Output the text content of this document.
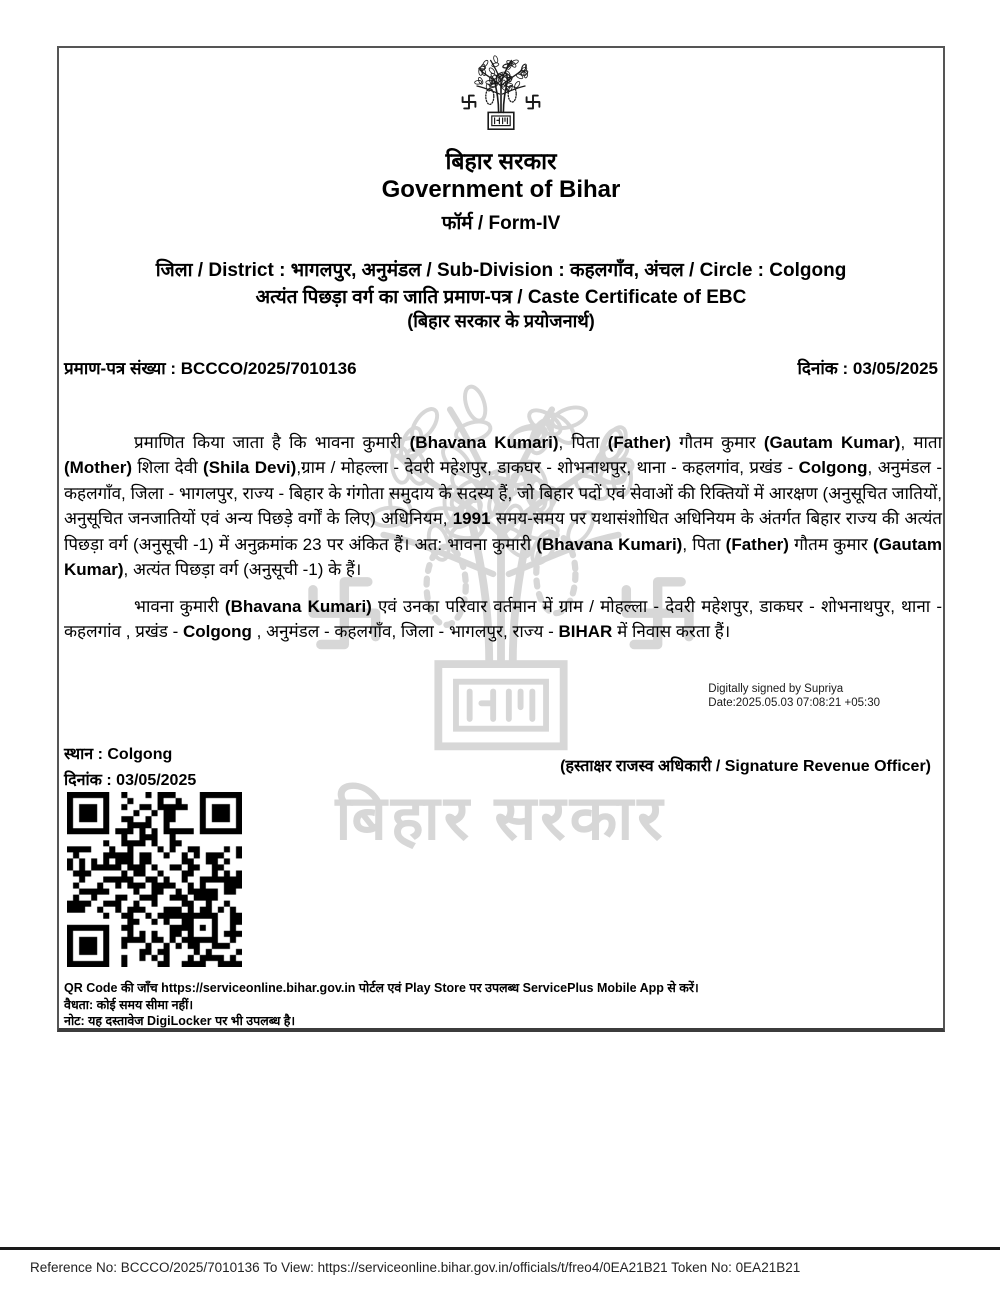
बिहार सरकार
बिहार सरकार
Government of Bihar
फॉर्म / Form-IV
जिला / District : भागलपुर, अनुमंडल / Sub-Division : कहलगाँव, अंचल / Circle : Colgong
अत्यंत पिछड़ा वर्ग का जाति प्रमाण-पत्र / Caste Certificate of EBC
(बिहार सरकार के प्रयोजनार्थ)
प्रमाण-पत्र संख्या : BCCCO/2025/7010136	दिनांक : 03/05/2025
प्रमाणित किया जाता है कि भावना कुमारी (Bhavana Kumari), पिता (Father) गौतम कुमार (Gautam Kumar), माता (Mother) शिला देवी (Shila Devi),ग्राम / मोहल्ला - देवरी महेशपुर, डाकघर - शोभनाथपुर, थाना - कहलगांव, प्रखंड - Colgong, अनुमंडल - कहलगाँव, जिला - भागलपुर, राज्य - बिहार के गंगोता समुदाय के सदस्य हैं, जो बिहार पदों एवं सेवाओं की रिक्तियों में आरक्षण (अनुसूचित जातियों, अनुसूचित जनजातियों एवं अन्य पिछड़े वर्गों के लिए) अधिनियम, 1991 समय-समय पर यथासंशोधित अधिनियम के अंतर्गत बिहार राज्य की अत्यंत पिछड़ा वर्ग (अनुसूची -1) में अनुक्रमांक 23 पर अंकित हैं। अत: भावना कुमारी (Bhavana Kumari), पिता (Father) गौतम कुमार (Gautam Kumar), अत्यंत पिछड़ा वर्ग (अनुसूची -1) के हैं।
भावना कुमारी (Bhavana Kumari) एवं उनका परिवार वर्तमान में ग्राम / मोहल्ला - देवरी महेशपुर, डाकघर - शोभनाथपुर, थाना - कहलगांव , प्रखंड - Colgong , अनुमंडल - कहलगाँव, जिला - भागलपुर, राज्य - BIHAR में निवास करता हैं।
Digitally signed by Supriya
Date:2025.05.03 07:08:21 +05:30
स्थान : Colgong
दिनांक : 03/05/2025
(हस्ताक्षर राजस्व अधिकारी / Signature Revenue Officer)
QR Code की जाँच https://serviceonline.bihar.gov.in पोर्टल एवं Play Store पर उपलब्ध ServicePlus Mobile App से करें।
वैधता: कोई समय सीमा नहीं।
नोट: यह दस्तावेज DigiLocker पर भी उपलब्ध है।
Reference No: BCCCO/2025/7010136 To View: https://serviceonline.bihar.gov.in/officials/t/freo4/0EA21B21 Token No: 0EA21B21
